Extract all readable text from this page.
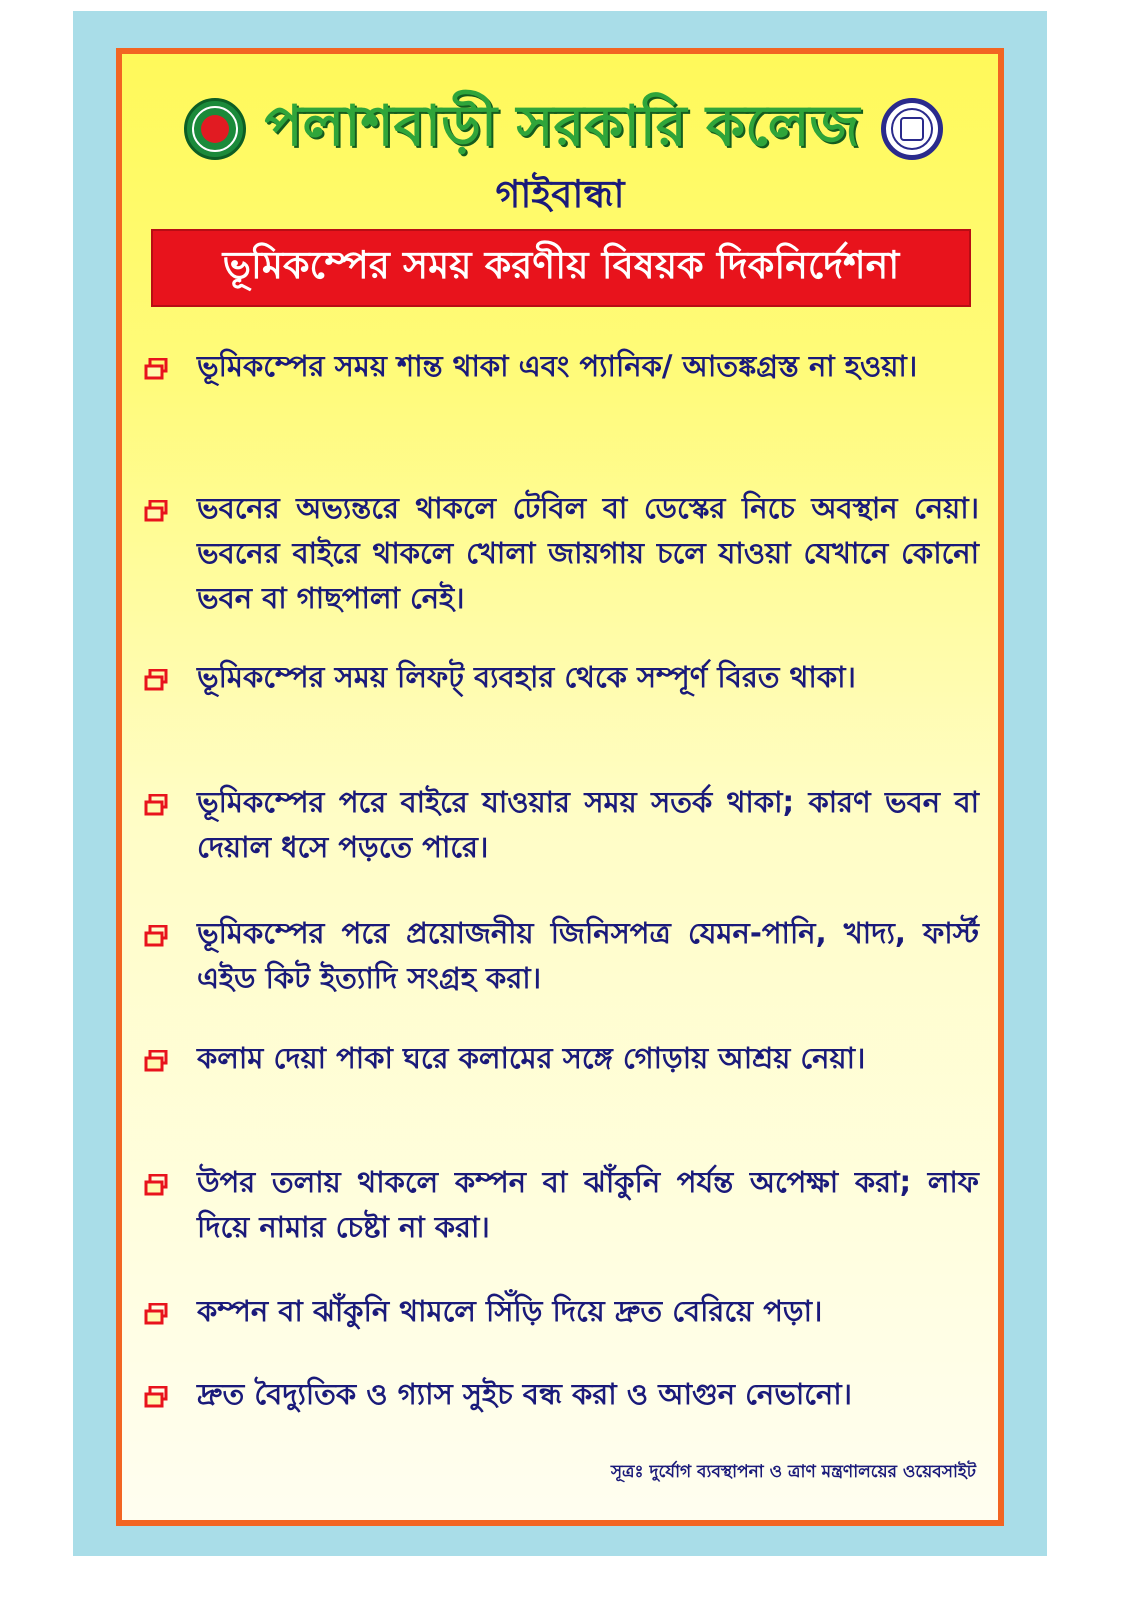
পলাশবাড়ী সরকারি কলেজ
গাইবান্ধা
ভূমিকম্পের সময় করণীয় বিষয়ক দিকনির্দেশনা

ভূমিকম্পের সময় শান্ত থাকা এবং প্যানিক/ আতঙ্কগ্রস্ত না হওয়া।

ভবনের অভ্যন্তরে থাকলে টেবিল বা ডেস্কের নিচে অবস্থান নেয়া। ভবনের বাইরে থাকলে খোলা জায়গায় চলে যাওয়া যেখানে কোনো ভবন বা গাছপালা নেই।

ভূমিকম্পের সময় লিফট্ ব্যবহার থেকে সম্পূর্ণ বিরত থাকা।

ভূমিকম্পের পরে বাইরে যাওয়ার সময় সতর্ক থাকা; কারণ ভবন বা দেয়াল ধসে পড়তে পারে।

ভূমিকম্পের পরে প্রয়োজনীয় জিনিসপত্র যেমন-পানি, খাদ্য, ফার্স্ট এইড কিট ইত্যাদি সংগ্রহ করা।

কলাম দেয়া পাকা ঘরে কলামের সঙ্গে গোড়ায় আশ্রয় নেয়া।

উপর তলায় থাকলে কম্পন বা ঝাঁকুনি পর্যন্ত অপেক্ষা করা; লাফ দিয়ে নামার চেষ্টা না করা।

কম্পন বা ঝাঁকুনি থামলে সিঁড়ি দিয়ে দ্রুত বেরিয়ে পড়া।

দ্রুত বৈদ্যুতিক ও গ্যাস সুইচ বন্ধ করা ও আগুন নেভানো।

সূত্রঃ দুর্যোগ ব্যবস্থাপনা ও ত্রাণ মন্ত্রণালয়ের ওয়েবসাইট
